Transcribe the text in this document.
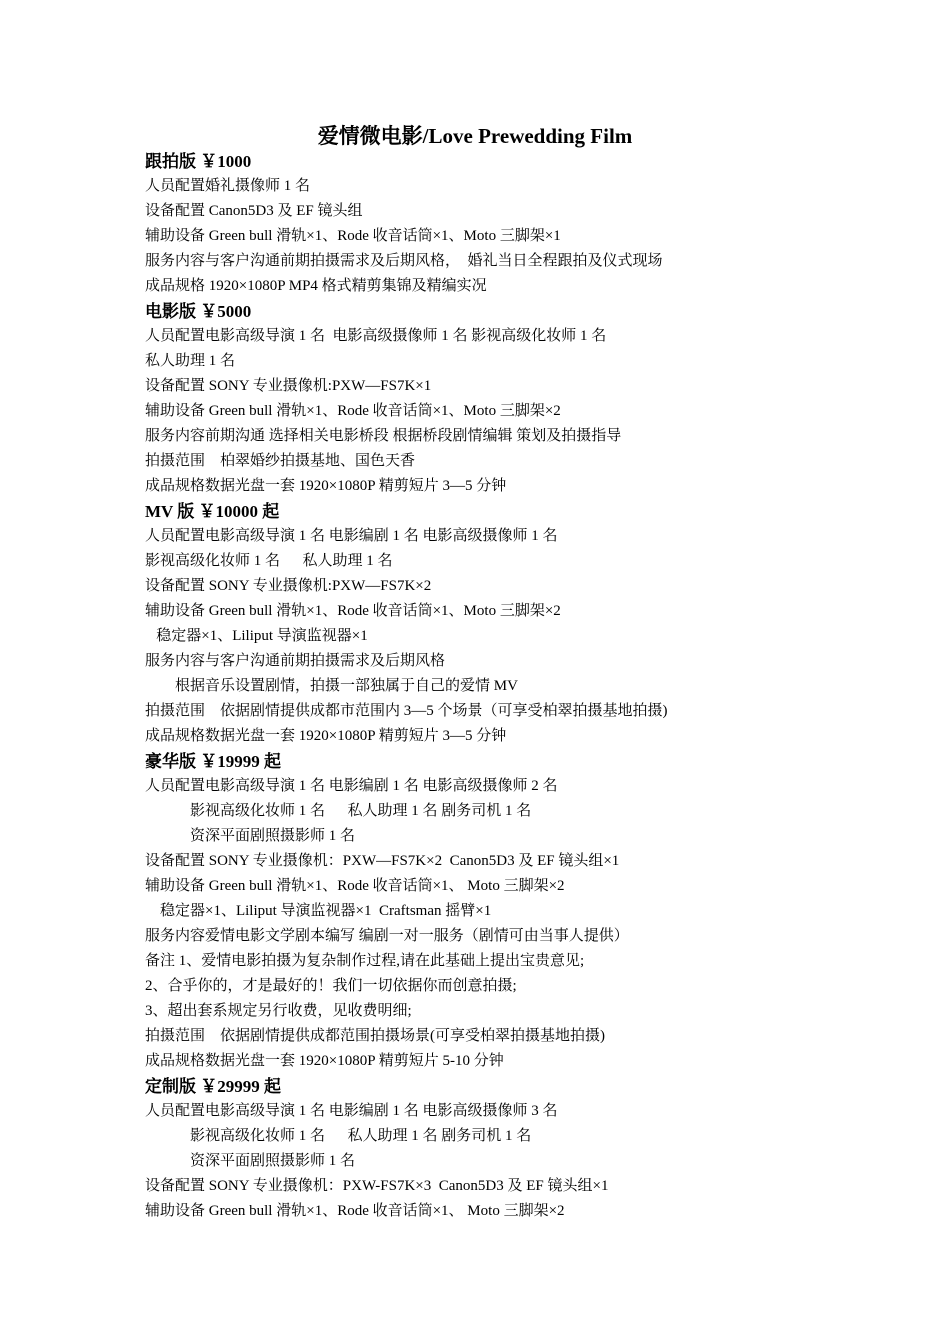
爱情微电影/Love Prewedding Film
跟拍版 ￥1000
人员配置婚礼摄像师 1 名
设备配置 Canon5D3 及 EF 镜头组
辅助设备 Green bull 滑轨×1、Rode 收音话筒×1、Moto 三脚架×1
服务内容与客户沟通前期拍摄需求及后期风格，  婚礼当日全程跟拍及仪式现场
成品规格 1920×1080P MP4 格式精剪集锦及精编实况
电影版 ￥5000
人员配置电影高级导演 1 名  电影高级摄像师 1 名 影视高级化妆师 1 名
私人助理 1 名
设备配置 SONY 专业摄像机:PXW—FS7K×1
辅助设备 Green bull 滑轨×1、Rode 收音话筒×1、Moto 三脚架×2
服务内容前期沟通 选择相关电影桥段 根据桥段剧情编辑 策划及拍摄指导
拍摄范围    柏翠婚纱拍摄基地、国色天香
成品规格数据光盘一套 1920×1080P 精剪短片 3—5 分钟
MV 版 ￥10000 起
人员配置电影高级导演 1 名 电影编剧 1 名 电影高级摄像师 1 名
影视高级化妆师 1 名      私人助理 1 名
设备配置 SONY 专业摄像机:PXW—FS7K×2
辅助设备 Green bull 滑轨×1、Rode 收音话筒×1、Moto 三脚架×2
稳定器×1、Liliput 导演监视器×1
服务内容与客户沟通前期拍摄需求及后期风格
根据音乐设置剧情，拍摄一部独属于自己的爱情 MV
拍摄范围    依据剧情提供成都市范围内 3—5 个场景（可享受柏翠拍摄基地拍摄)
成品规格数据光盘一套 1920×1080P 精剪短片 3—5 分钟
豪华版 ￥19999 起
人员配置电影高级导演 1 名 电影编剧 1 名 电影高级摄像师 2 名
影视高级化妆师 1 名      私人助理 1 名 剧务司机 1 名
资深平面剧照摄影师 1 名
设备配置 SONY 专业摄像机：PXW—FS7K×2  Canon5D3 及 EF 镜头组×1
辅助设备 Green bull 滑轨×1、Rode 收音话筒×1、 Moto 三脚架×2
稳定器×1、Liliput 导演监视器×1  Craftsman 摇臂×1
服务内容爱情电影文学剧本编写 编剧一对一服务（剧情可由当事人提供）
备注 1、爱情电影拍摄为复杂制作过程,请在此基础上提出宝贵意见;
2、合乎你的，才是最好的！我们一切依据你而创意拍摄;
3、超出套系规定另行收费，见收费明细;
拍摄范围    依据剧情提供成都范围拍摄场景(可享受柏翠拍摄基地拍摄)
成品规格数据光盘一套 1920×1080P 精剪短片 5-10 分钟
定制版 ￥29999 起
人员配置电影高级导演 1 名 电影编剧 1 名 电影高级摄像师 3 名
影视高级化妆师 1 名      私人助理 1 名 剧务司机 1 名
资深平面剧照摄影师 1 名
设备配置 SONY 专业摄像机：PXW-FS7K×3  Canon5D3 及 EF 镜头组×1
辅助设备 Green bull 滑轨×1、Rode 收音话筒×1、 Moto 三脚架×2
